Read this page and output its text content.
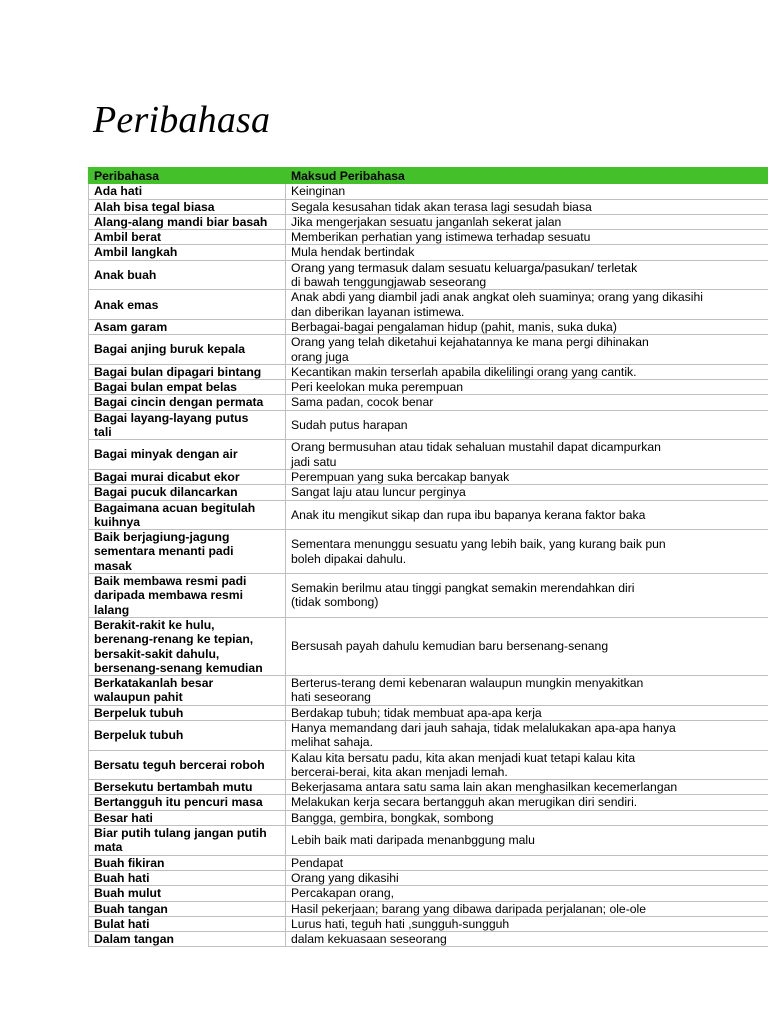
Peribahasa
Peribahasa	Maksud Peribahasa
Ada hati	Keinginan
Alah bisa tegal biasa	Segala kesusahan tidak akan terasa lagi sesudah biasa
Alang-alang mandi biar basah	Jika mengerjakan sesuatu janganlah sekerat jalan
Ambil berat	Memberikan perhatian yang istimewa terhadap sesuatu
Ambil langkah	Mula hendak bertindak
Anak buah	Orang yang termasuk dalam sesuatu keluarga/pasukan/ terletak
di bawah tenggungjawab seseorang
Anak emas	Anak abdi yang diambil jadi anak angkat oleh suaminya; orang yang dikasihi
dan diberikan layanan istimewa.
Asam garam	Berbagai-bagai pengalaman hidup (pahit, manis, suka duka)
Bagai anjing buruk kepala	Orang yang telah diketahui kejahatannya ke mana pergi dihinakan
orang juga
Bagai bulan dipagari bintang	Kecantikan makin terserlah apabila dikelilingi orang yang cantik.
Bagai bulan empat belas	Peri keelokan muka perempuan
Bagai cincin dengan permata	Sama padan, cocok benar
Bagai layang-layang putus
tali	Sudah putus harapan
Bagai minyak dengan air	Orang bermusuhan atau tidak sehaluan mustahil dapat dicampurkan
jadi satu
Bagai murai dicabut ekor	Perempuan yang suka bercakap banyak
Bagai pucuk dilancarkan	Sangat laju atau luncur perginya
Bagaimana acuan begitulah
kuihnya	Anak itu mengikut sikap dan rupa ibu bapanya kerana faktor baka
Baik berjagiung-jagung
sementara menanti padi
masak	Sementara menunggu sesuatu yang lebih baik, yang kurang baik pun
boleh dipakai dahulu.
Baik membawa resmi padi
daripada membawa resmi
lalang	Semakin berilmu atau tinggi pangkat semakin merendahkan diri
(tidak sombong)
Berakit-rakit ke hulu,
berenang-renang ke tepian,
bersakit-sakit dahulu,
bersenang-senang kemudian	Bersusah payah dahulu kemudian baru bersenang-senang
Berkatakanlah besar
walaupun pahit	Berterus-terang demi kebenaran walaupun mungkin menyakitkan
hati seseorang
Berpeluk tubuh	Berdakap tubuh; tidak membuat apa-apa kerja
Berpeluk tubuh	Hanya memandang dari jauh sahaja, tidak melalukakan apa-apa hanya
melihat sahaja.
Bersatu teguh bercerai roboh	Kalau kita bersatu padu, kita akan menjadi kuat tetapi kalau kita
bercerai-berai, kita akan menjadi lemah.
Bersekutu bertambah mutu	Bekerjasama antara satu sama lain akan menghasilkan kecemerlangan
Bertangguh itu pencuri masa	Melakukan kerja secara bertangguh akan merugikan diri sendiri.
Besar hati	Bangga, gembira, bongkak, sombong
Biar putih tulang jangan putih
mata	Lebih baik mati daripada menanbggung malu
Buah fikiran	Pendapat
Buah hati	Orang yang dikasihi
Buah mulut	Percakapan orang,
Buah tangan	Hasil pekerjaan; barang yang dibawa daripada perjalanan; ole-ole
Bulat hati	Lurus hati, teguh hati ,sungguh-sungguh
Dalam tangan	dalam kekuasaan seseorang
